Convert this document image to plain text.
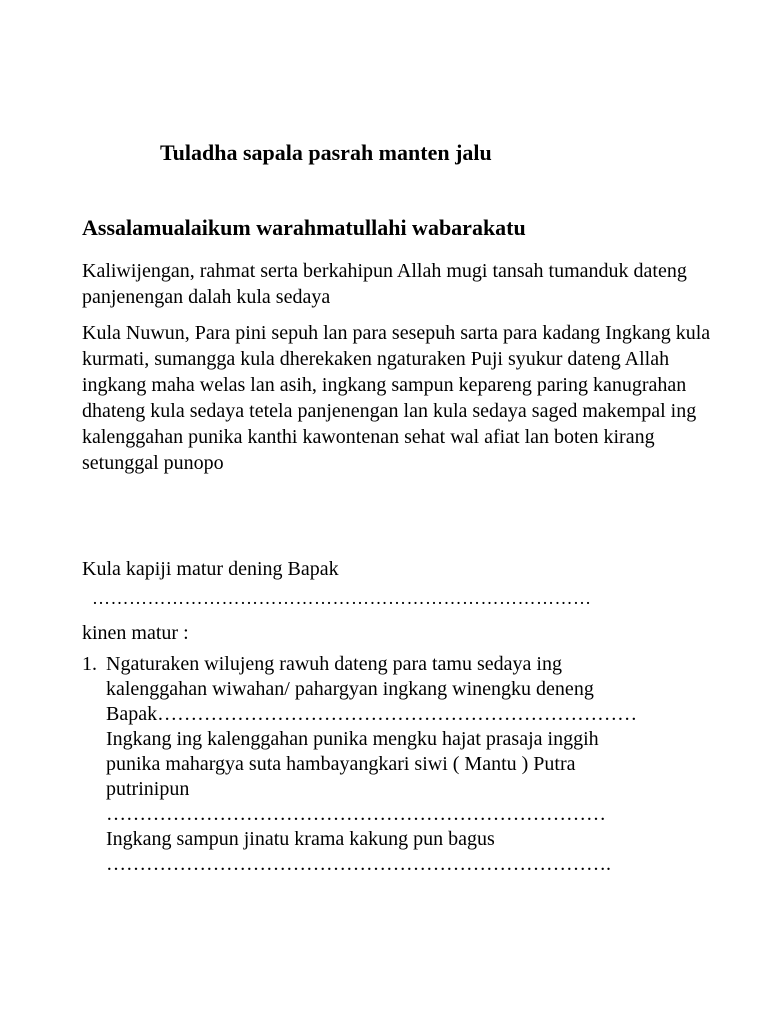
Tuladha sapala pasrah manten jalu
Assalamualaikum warahmatullahi wabarakatu
Kaliwijengan, rahmat serta berkahipun Allah mugi tansah tumanduk dateng panjenengan dalah kula sedaya
Kula Nuwun, Para pini sepuh lan para sesepuh sarta para kadang Ingkang kula kurmati, sumangga kula dherekaken ngaturaken Puji syukur dateng Allah ingkang maha welas lan asih, ingkang sampun kepareng paring kanugrahan dhateng kula sedaya tetela panjenengan lan kula sedaya saged makempal ing kalenggahan punika kanthi kawontenan sehat wal afiat lan boten kirang setunggal punopo
Kula kapiji matur dening Bapak
………………………………………………………………………
kinen matur :
1. Ngaturaken wilujeng rawuh dateng para tamu sedaya ing
kalenggahan wiwahan/ pahargyan ingkang winengku deneng
Bapak………………………………………………………………
Ingkang ing kalenggahan punika mengku hajat prasaja inggih
punika mahargya suta hambayangkari siwi ( Mantu ) Putra
putrinipun
…………………………………………………………………
Ingkang sampun jinatu krama kakung pun bagus
………………………………………………………………….
